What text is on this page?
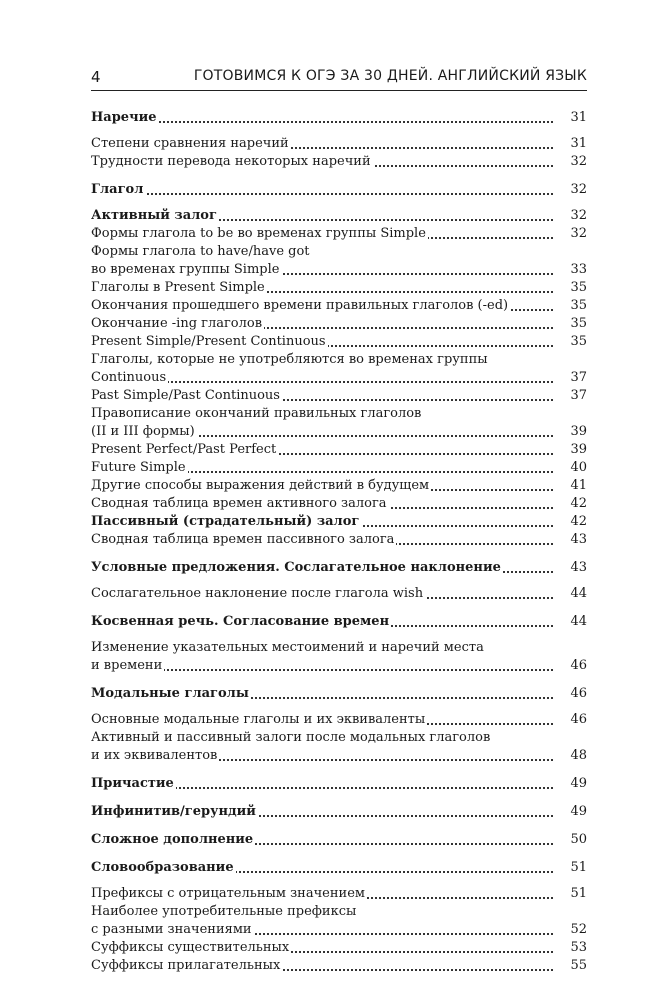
4	ГОТОВИМСЯ К ОГЭ ЗА 30 ДНЕЙ. АНГЛИЙСКИЙ ЯЗЫК
Наречие	31
Степени сравнения наречий	31
Трудности перевода некоторых наречий	32
Глагол	32
Активный залог	32
Формы глагола to be во временах группы Simple	32
Формы глагола to have/have got
во временах группы Simple	33
Глаголы в Present Simple	35
Окончания прошедшего времени правильных глаголов (-ed)	35
Окончание -ing глаголов	35
Present Simple/Present Continuous	35
Глаголы, которые не употребляются во временах группы
Continuous	37
Past Simple/Past Continuous	37
Правописание окончаний правильных глаголов
(II и III формы)	39
Present Perfect/Past Perfect	39
Future Simple	40
Другие способы выражения действий в будущем	41
Сводная таблица времен активного залога	42
Пассивный (страдательный) залог	42
Сводная таблица времен пассивного залога	43
Условные предложения. Сослагательное наклонение	43
Сослагательное наклонение после глагола wish	44
Косвенная речь. Согласование времен	44
Изменение указательных местоимений и наречий места
и времени	46
Модальные глаголы	46
Основные модальные глаголы и их эквиваленты	46
Активный и пассивный залоги после модальных глаголов
и их эквивалентов	48
Причастие	49
Инфинитив/герундий	49
Сложное дополнение	50
Словообразование	51
Префиксы с отрицательным значением	51
Наиболее употребительные префиксы
с разными значениями	52
Суффиксы существительных	53
Суффиксы прилагательных	55
